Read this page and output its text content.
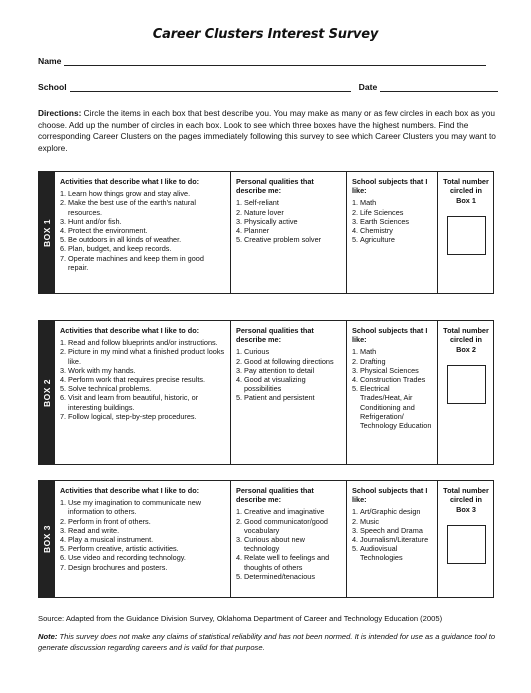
Career Clusters Interest Survey
Name
School	Date
Directions: Circle the items in each box that best describe you. You may make as many or as few circles in each box as you choose. Add up the number of circles in each box. Look to see which three boxes have the highest numbers. Find the corresponding Career Clusters on the pages immediately following this survey to see which Career Clusters you may want to explore.
BOX 1
Activities that describe what I like to do:
1. Learn how things grow and stay alive.
2. Make the best use of the earth's natural resources.
3. Hunt and/or fish.
4. Protect the environment.
5. Be outdoors in all kinds of weather.
6. Plan, budget, and keep records.
7. Operate machines and keep them in good repair.
Personal qualities that describe me:
1. Self-reliant
2. Nature lover
3. Physically active
4. Planner
5. Creative problem solver
School subjects that I like:
1. Math
2. Life Sciences
3. Earth Sciences
4. Chemistry
5. Agriculture
Total number circled in Box 1
BOX 2
Activities that describe what I like to do:
1. Read and follow blueprints and/or instructions.
2. Picture in my mind what a finished product looks like.
3. Work with my hands.
4. Perform work that requires precise results.
5. Solve technical problems.
6. Visit and learn from beautiful, historic, or interesting buildings.
7. Follow logical, step-by-step procedures.
Personal qualities that describe me:
1. Curious
2. Good at following directions
3. Pay attention to detail
4. Good at visualizing possibilities
5. Patient and persistent
School subjects that I like:
1. Math
2. Drafting
3. Physical Sciences
4. Construction Trades
5. Electrical Trades/Heat, Air Conditioning and Refrigeration/ Technology Education
Total number circled in Box 2
BOX 3
Activities that describe what I like to do:
1. Use my imagination to communicate new information to others.
2. Perform in front of others.
3. Read and write.
4. Play a musical instrument.
5. Perform creative, artistic activities.
6. Use video and recording technology.
7. Design brochures and posters.
Personal qualities that describe me:
1. Creative and imaginative
2. Good communicator/good vocabulary
3. Curious about new technology
4. Relate well to feelings and thoughts of others
5. Determined/tenacious
School subjects that I like:
1. Art/Graphic design
2. Music
3. Speech and Drama
4. Journalism/Literature
5. Audiovisual Technologies
Total number circled in Box 3
Source: Adapted from the Guidance Division Survey, Oklahoma Department of Career and Technology Education (2005)
Note: This survey does not make any claims of statistical reliability and has not been normed. It is intended for use as a guidance tool to generate discussion regarding careers and is valid for that purpose.
